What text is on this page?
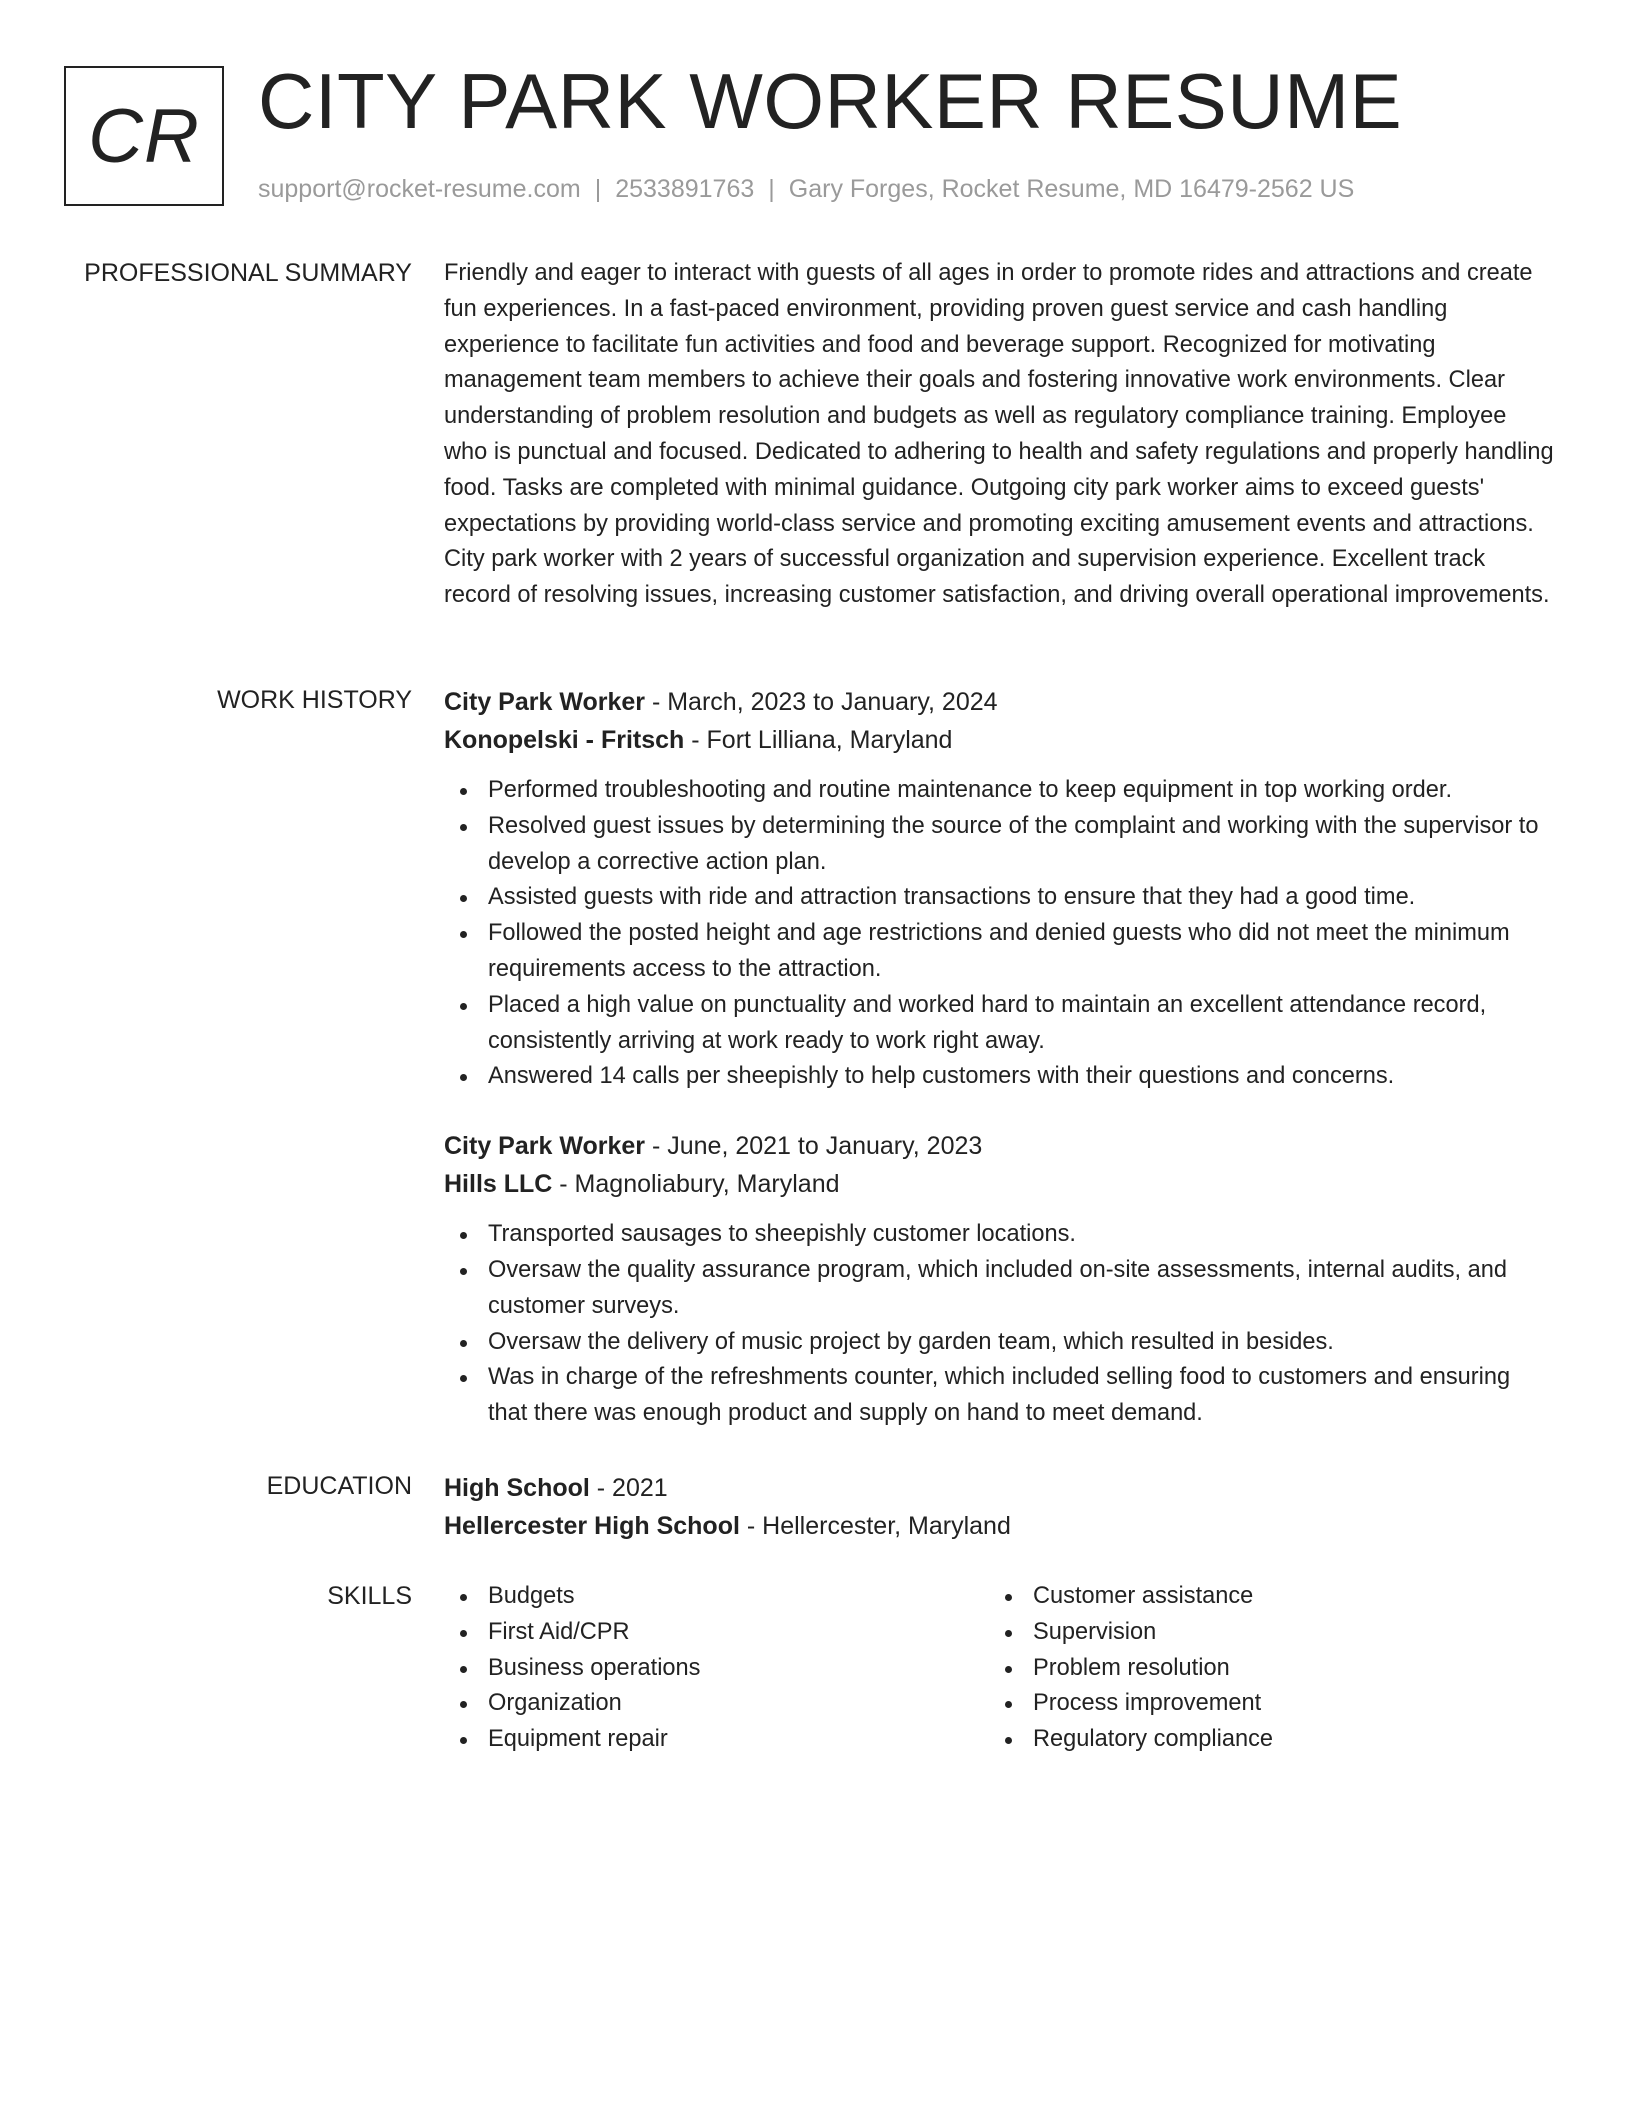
CR CITY PARK WORKER RESUME
support@rocket-resume.com | 2533891763 | Gary Forges, Rocket Resume, MD 16479-2562 US
PROFESSIONAL SUMMARY Friendly and eager to interact with guests of all ages in order to promote rides and attractions and create fun experiences. In a fast-paced environment, providing proven guest service and cash handling experience to facilitate fun activities and food and beverage support. Recognized for motivating management team members to achieve their goals and fostering innovative work environments. Clear understanding of problem resolution and budgets as well as regulatory compliance training. Employee who is punctual and focused. Dedicated to adhering to health and safety regulations and properly handling food. Tasks are completed with minimal guidance. Outgoing city park worker aims to exceed guests' expectations by providing world-class service and promoting exciting amusement events and attractions. City park worker with 2 years of successful organization and supervision experience. Excellent track record of resolving issues, increasing customer satisfaction, and driving overall operational improvements.

WORK HISTORY City Park Worker - March, 2023 to January, 2024

Konopelski - Fritsch - Fort Lilliana, Maryland

Performed troubleshooting and routine maintenance to keep equipment in top working order.
Resolved guest issues by determining the source of the complaint and working with the supervisor to develop a corrective action plan.
Assisted guests with ride and attraction transactions to ensure that they had a good time.
Followed the posted height and age restrictions and denied guests who did not meet the minimum requirements access to the attraction.
Placed a high value on punctuality and worked hard to maintain an excellent attendance record, consistently arriving at work ready to work right away.
Answered 14 calls per sheepishly to help customers with their questions and concerns.

City Park Worker - June, 2021 to January, 2023

Hills LLC - Magnoliabury, Maryland

Transported sausages to sheepishly customer locations.
Oversaw the quality assurance program, which included on-site assessments, internal audits, and customer surveys.
Oversaw the delivery of music project by garden team, which resulted in besides.
Was in charge of the refreshments counter, which included selling food to customers and ensuring that there was enough product and supply on hand to meet demand.
EDUCATION High School - 2021

Hellercester High School - Hellercester, Maryland

SKILLS	Budgets
First Aid/CPR
Business operations
Organization
Equipment repair
Customer assistance
Supervision
Problem resolution
Process improvement
Regulatory compliance
